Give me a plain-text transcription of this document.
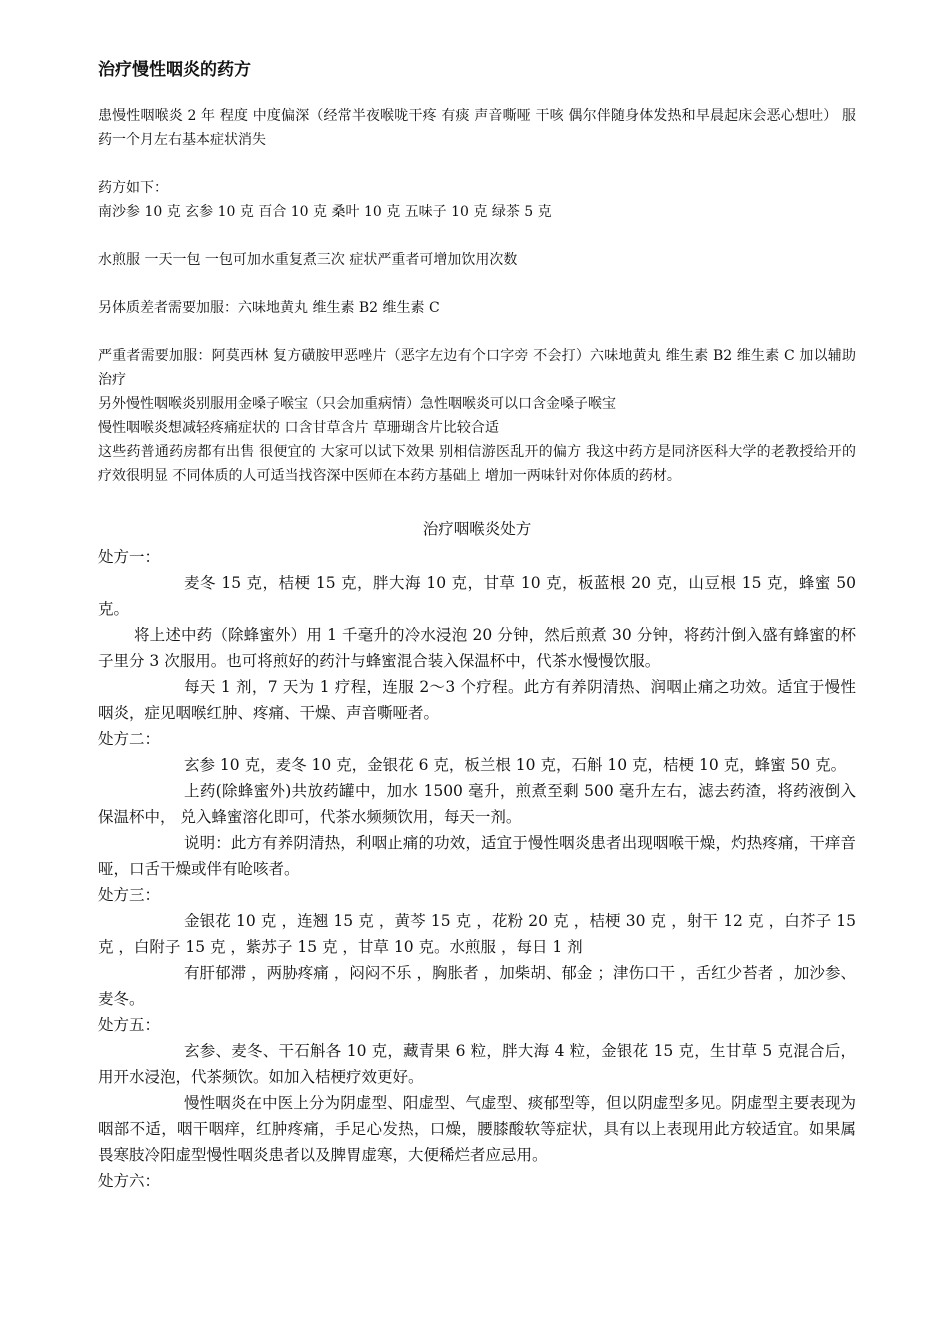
治疗慢性咽炎的药方

患慢性咽喉炎 2 年 程度 中度偏深（经常半夜喉咙干疼 有痰 声音嘶哑 干咳 偶尔伴随身体发热和早晨起床会恶心想吐） 服药一个月左右基本症状消失

药方如下：

南沙参 10 克 玄参 10 克 百合 10 克 桑叶 10 克 五味子 10 克 绿茶 5 克

水煎服 一天一包 一包可加水重复煮三次 症状严重者可增加饮用次数

另体质差者需要加服：六味地黄丸 维生素 B2 维生素 C

严重者需要加服：阿莫西林 复方磺胺甲恶唑片（恶字左边有个口字旁 不会打）六味地黄丸 维生素 B2 维生素 C 加以辅助治疗

另外慢性咽喉炎别服用金嗓子喉宝（只会加重病情）急性咽喉炎可以口含金嗓子喉宝

慢性咽喉炎想减轻疼痛症状的 口含甘草含片 草珊瑚含片比较合适

这些药普通药房都有出售 很便宜的 大家可以试下效果 别相信游医乱开的偏方 我这中药方是同济医科大学的老教授给开的 疗效很明显 不同体质的人可适当找咨深中医师在本药方基础上 增加一两味针对你体质的药材。

治疗咽喉炎处方

处方一：

麦冬 15 克，桔梗 15 克，胖大海 10 克，甘草 10 克，板蓝根 20 克，山豆根 15 克，蜂蜜 50 克。

将上述中药（除蜂蜜外）用 1 千毫升的冷水浸泡 20 分钟，然后煎煮 30 分钟，将药汁倒入盛有蜂蜜的杯子里分 3 次服用。也可将煎好的药汁与蜂蜜混合装入保温杯中，代茶水慢慢饮服。

每天 1 剂，7 天为 1 疗程，连服 2～3 个疗程。此方有养阴清热、润咽止痛之功效。适宜于慢性咽炎，症见咽喉红肿、疼痛、干燥、声音嘶哑者。

处方二：

玄参 10 克，麦冬 10 克，金银花 6 克，板兰根 10 克，石斛 10 克，桔梗 10 克，蜂蜜 50 克。

上药(除蜂蜜外)共放药罐中，加水 1500 毫升，煎煮至剩 500 毫升左右，滤去药渣，将药液倒入保温杯中， 兑入蜂蜜溶化即可，代茶水频频饮用，每天一剂。

说明：此方有养阴清热，利咽止痛的功效，适宜于慢性咽炎患者出现咽喉干燥，灼热疼痛，干痒音哑，口舌干燥或伴有呛咳者。

处方三：

金银花 10 克 ，连翘 15 克 ，黄芩 15 克 ，花粉 20 克 ，桔梗 30 克 ，射干 12 克 ，白芥子 15 克 ，白附子 15 克 ，紫苏子 15 克 ，甘草 10 克。水煎服 ，每日 1 剂

有肝郁滞 ，两胁疼痛 ，闷闷不乐 ，胸胀者 ，加柴胡、郁金 ；津伤口干 ，舌红少苔者 ，加沙参、麦冬。

处方五：

玄参、麦冬、干石斛各 10 克，藏青果 6 粒，胖大海 4 粒，金银花 15 克，生甘草 5 克混合后，用开水浸泡，代茶频饮。如加入桔梗疗效更好。

慢性咽炎在中医上分为阴虚型、阳虚型、气虚型、痰郁型等，但以阴虚型多见。阴虚型主要表现为咽部不适，咽干咽痒，红肿疼痛，手足心发热，口燥，腰膝酸软等症状，具有以上表现用此方较适宜。如果属畏寒肢冷阳虚型慢性咽炎患者以及脾胃虚寒，大便稀烂者应忌用。

处方六：
